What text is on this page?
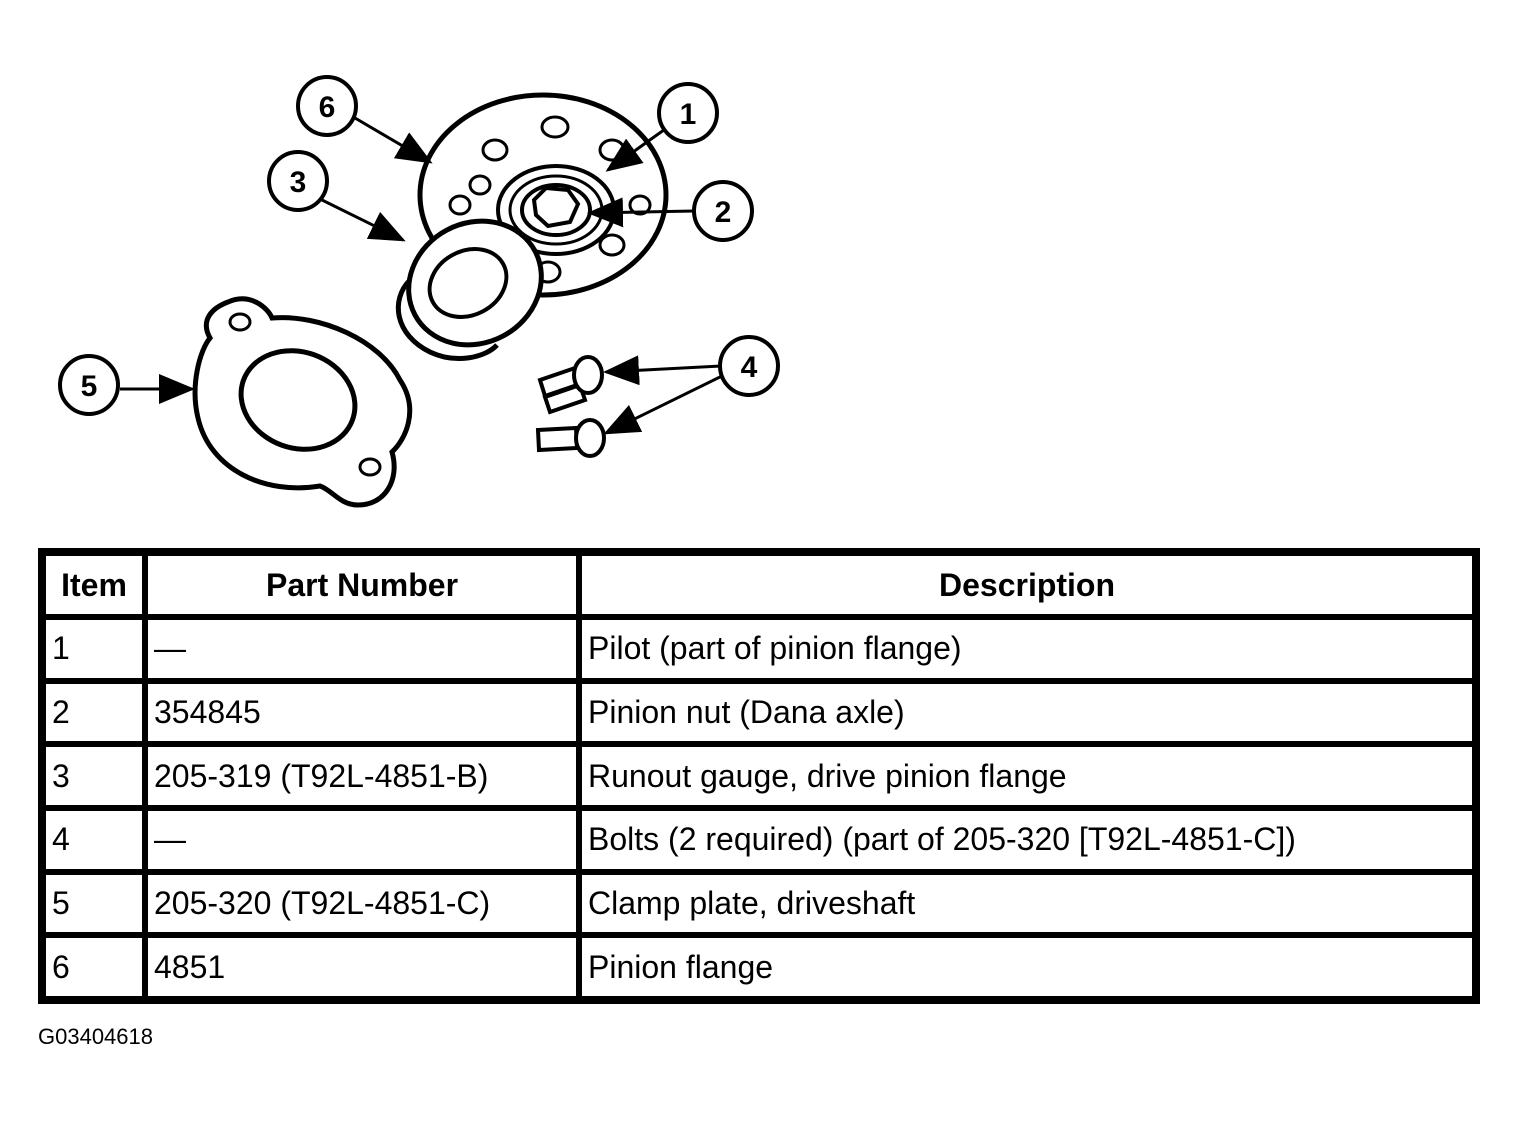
6
3
1
2
4
5
Item	Part Number	Description
1	—	Pilot (part of pinion flange)
2	354845	Pinion nut (Dana axle)
3	205-319 (T92L-4851-B)	Runout gauge, drive pinion flange
4	—	Bolts (2 required) (part of 205-320 [T92L-4851-C])
5	205-320 (T92L-4851-C)	Clamp plate, driveshaft
6	4851	Pinion flange
G03404618
